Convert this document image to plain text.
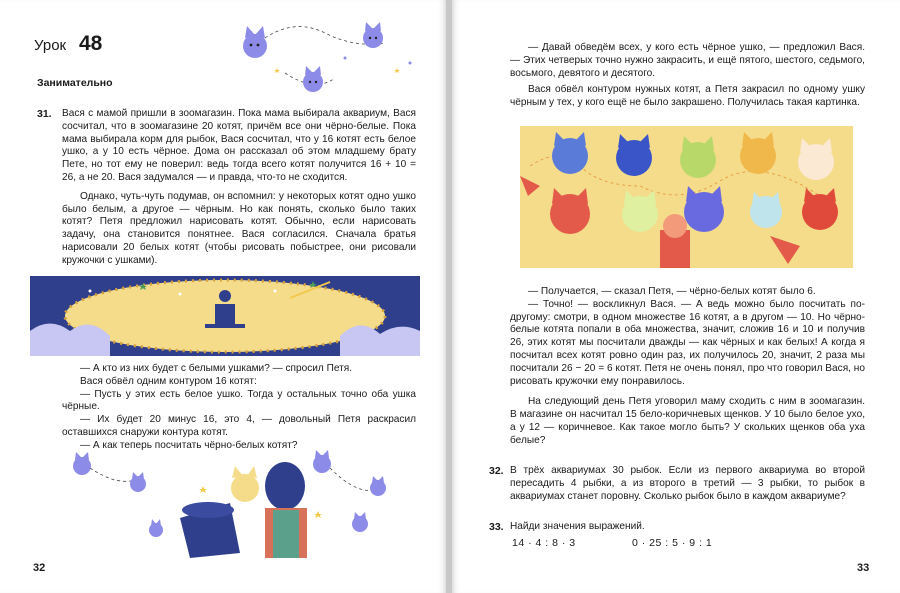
Урок 48
Занимательно
31. Вася с мамой пришли в зоомагазин. Пока мама выбирала аквариум, Вася сосчитал, что в зоомагазине 20 котят, причём все они чёрно-белые. Пока мама выбирала корм для рыбок, Вася сосчитал, что у 16 котят есть белое ушко, а у 10 есть чёрное. Дома он рассказал об этом младшему брату Пете, но тот ему не поверил: ведь тогда всего котят получится 16 + 10 = 26, а не 20. Вася задумался — и правда, что-то не сходится.

Однако, чуть-чуть подумав, он вспомнил: у некоторых котят одно ушко было белым, а другое — чёрным. Но как понять, сколько было таких котят? Петя предложил нарисовать котят. Обычно, если нарисовать задачу, она становится понятнее. Вася согласился. Сначала братья нарисовали 20 белых котят (чтобы рисовать побыстрее, они рисовали кружочки с ушками).

— А кто из них будет с белыми ушками? — спросил Петя.

Вася обвёл одним контуром 16 котят:

— Пусть у этих есть белое ушко. Тогда у остальных точно оба ушка чёрные.

— Их будет 20 минус 16, это 4, — довольный Петя раскрасил оставшихся снаружи контура котят.

— А как теперь посчитать чёрно-белых котят?

32

— Давай обведём всех, у кого есть чёрное ушко, — предложил Вася. — Этих четверых точно нужно закрасить, и ещё пятого, шестого, седьмого, восьмого, девятого и десятого.

Вася обвёл контуром нужных котят, а Петя закрасил по одному ушку чёрным у тех, у кого ещё не было закрашено. Получилась такая картинка.

— Получается, — сказал Петя, — чёрно-белых котят было 6.

— Точно! — воскликнул Вася. — А ведь можно было посчитать по-другому: смотри, в одном множестве 16 котят, а в другом — 10. Но чёрно-белые котята попали в оба множества, значит, сложив 16 и 10 и получив 26, этих котят мы посчитали дважды — как чёрных и как белых! А когда я посчитал всех котят ровно один раз, их получилось 20, значит, 2 раза мы посчитали 26 − 20 = 6 котят. Петя не очень понял, про что говорил Вася, но рисовать кружочки ему понравилось.

На следующий день Петя уговорил маму сходить с ним в зоомагазин. В магазине он насчитал 15 бело-коричневых щенков. У 10 было белое ухо, а у 12 — коричневое. Как такое могло быть? У скольких щенков оба уха белые?

32. В трёх аквариумах 30 рыбок. Если из первого аквариума во второй пересадить 4 рыбки, а из второго в третий — 3 рыбки, то рыбок в аквариумах станет поровну. Сколько рыбок было в каждом аквариуме?
33. Найди значения выражений.
14 · 4 : 8 · 3	0 · 25 : 5 · 9 : 1
33
